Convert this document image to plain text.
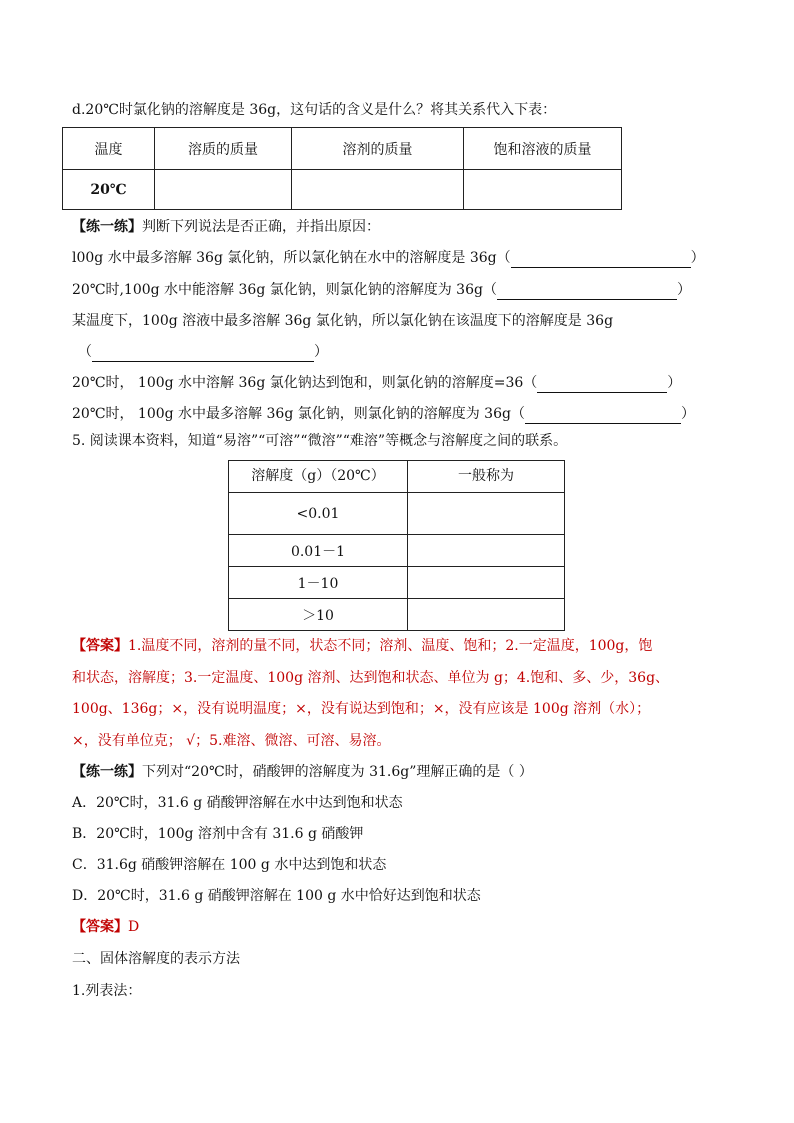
d.20℃时氯化钠的溶解度是 36g，这句话的含义是什么？将其关系代入下表：
温度	溶质的质量	溶剂的质量	饱和溶液的质量
20℃			
【练一练】判断下列说法是否正确，并指出原因：
l00g 水中最多溶解 36g 氯化钠，所以氯化钠在水中的溶解度是 36g（	）
20℃时,100g 水中能溶解 36g 氯化钠，则氯化钠的溶解度为 36g（	）
某温度下，100g 溶液中最多溶解 36g 氯化钠，所以氯化钠在该温度下的溶解度是 36g
（	）
20℃时， 100g 水中溶解 36g 氯化钠达到饱和，则氯化钠的溶解度=36（	）
20℃时， 100g 水中最多溶解 36g 氯化钠，则氯化钠的溶解度为 36g（	）
5. 阅读课本资料，知道“易溶”“可溶”“微溶”“难溶”等概念与溶解度之间的联系。
溶解度（g）（20℃）	一般称为
<0.01	
0.01－1	
1－10	
＞10	
【答案】1.温度不同，溶剂的量不同，状态不同；溶剂、温度、饱和；2.一定温度，100g，饱
和状态，溶解度；3.一定温度、100g 溶剂、达到饱和状态、单位为 g；4.饱和、多、少，36g、
100g、136g；×，没有说明温度；×，没有说达到饱和；×，没有应该是 100g 溶剂（水）；
×，没有单位克； √；5.难溶、微溶、可溶、易溶。
【练一练】下列对“20℃时，硝酸钾的溶解度为 31.6g”理解正确的是（ ）
A．20℃时，31.6 g 硝酸钾溶解在水中达到饱和状态
B．20℃时，100g 溶剂中含有 31.6 g 硝酸钾
C．31.6g 硝酸钾溶解在 100 g 水中达到饱和状态
D．20℃时，31.6 g 硝酸钾溶解在 100 g 水中恰好达到饱和状态
【答案】D
二、固体溶解度的表示方法
1.列表法：
